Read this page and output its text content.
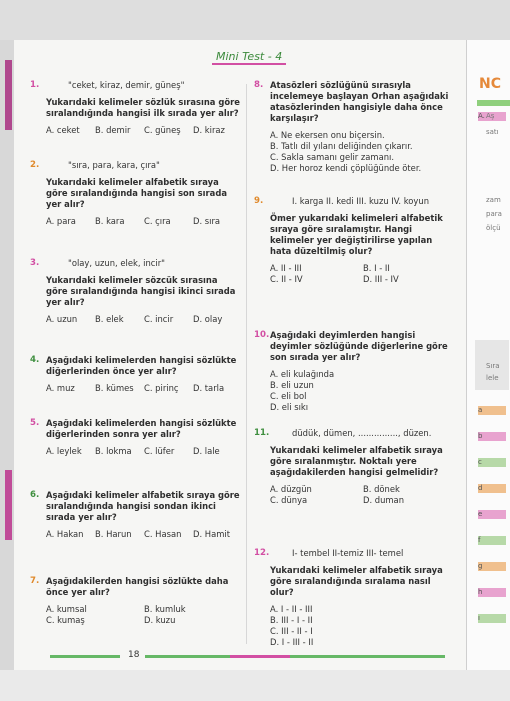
NC
Mini Test - 4
18
A.
a
b
c
d
e
f
g
h
ı
Aş
satı
zam
para
ölçü
Sıra
lele
1.	"ceket, kiraz, demir, güneş"
Yukarıdaki kelimeler sözlük sırasına göre sıralandığında hangisi ilk sırada yer alır?
A. ceket	B. demir	C. güneş	D. kiraz
2.	"sıra, para, kara, çıra"
Yukarıdaki kelimeler alfabetik sıraya göre sıralandığında hangisi son sırada yer alır?
A. para	B. kara	C. çıra	D. sıra
3.	"olay, uzun, elek, incir"
Yukarıdaki kelimeler sözcük sırasına göre sıralandığında hangisi ikinci sırada yer alır?
A. uzun	B. elek	C. incir	D. olay
4. Aşağıdaki kelimelerden hangisi sözlükte diğerlerinden önce yer alır?
A. muz	B. kümes	C. pirinç	D. tarla
5. Aşağıdaki kelimelerden hangisi sözlükte diğerlerinden sonra yer alır?
A. leylek	B. lokma	C. lüfer	D. lale
6. Aşağıdaki kelimeler alfabetik sıraya göre sıralandığında hangisi sondan ikinci sırada yer alır?
A. Hakan	B. Harun	C. Hasan	D. Hamit
7. Aşağıdakilerden hangisi sözlükte daha önce yer alır?
A. kumsal	B. kumluk
C. kumaş	D. kuzu
8. Atasözleri sözlüğünü sırasıyla incelemeye başlayan Orhan aşağıdaki atasözlerinden hangisiyle daha önce karşılaşır?
A. Ne ekersen onu biçersin.
B. Tatlı dil yılanı deliğinden çıkarır.
C. Sakla samanı gelir zamanı.
D. Her horoz kendi çöplüğünde öter.
9.	I. karga II. kedi III. kuzu IV. koyun
Ömer yukarıdaki kelimeleri alfabetik sıraya göre sıralamıştır. Hangi kelimeler yer değiştirilirse yapılan hata düzeltilmiş olur?
A. II - III	B. I - II
C. II - IV	D. III - IV
10. Aşağıdaki deyimlerden hangisi deyimler sözlüğünde diğerlerine göre son sırada yer alır?
A. eli kulağında
B. eli uzun
C. eli bol
D. eli sıkı
11.	düdük, dümen, ..............., düzen.
Yukarıdaki kelimeler alfabetik sıraya göre sıralanmıştır. Noktalı yere aşağıdakilerden hangisi gelmelidir?
A. düzgün	B. dönek
C. dünya	D. duman
12.	I- tembel II-temiz III- temel
Yukarıdaki kelimeler alfabetik sıraya göre sıralandığında sıralama nasıl olur?
A. I - II - III
B. III - I - II
C. III - II - I
D. I - III - II
